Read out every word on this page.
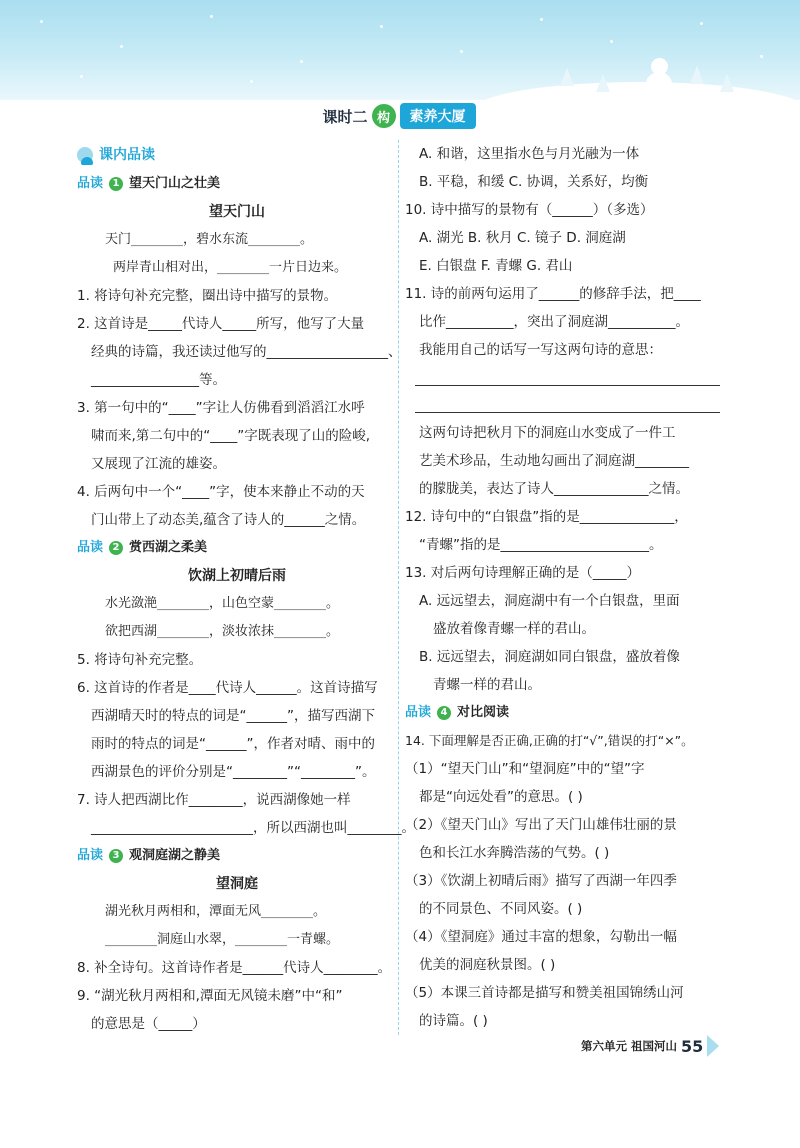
课时二 构	素养大厦
课内品读
品读 1 望天门山之壮美
望天门山
天门________，碧水东流________。
两岸青山相对出，________一片日边来。
1. 将诗句补充完整，圈出诗中描写的景物。
2. 这首诗是_____代诗人_____所写，他写了大量
经典的诗篇，我还读过他写的__________________、
________________等。
3. 第一句中的“____”字让人仿佛看到滔滔江水呼
啸而来,第二句中的“____”字既表现了山的险峻,
又展现了江流的雄姿。
4. 后两句中一个“____”字，使本来静止不动的天
门山带上了动态美,蕴含了诗人的______之情。
品读 2 赏西湖之柔美
饮湖上初晴后雨
水光潋滟________，山色空蒙________。
欲把西湖________，淡妆浓抹________。
5. 将诗句补充完整。
6. 这首诗的作者是____代诗人______。这首诗描写
西湖晴天时的特点的词是“______”，描写西湖下
雨时的特点的词是“______”，作者对晴、雨中的
西湖景色的评价分别是“________”“________”。
7. 诗人把西湖比作________，说西湖像她一样
________________________，所以西湖也叫________。
品读 3 观洞庭湖之静美
望洞庭
湖光秋月两相和，潭面无风________。
________洞庭山水翠，________一青螺。
8. 补全诗句。这首诗作者是______代诗人________。
9. “湖光秋月两相和,潭面无风镜未磨”中“和”
的意思是（_____）
A. 和谐，这里指水色与月光融为一体
B. 平稳，和缓 C. 协调，关系好，均衡
10. 诗中描写的景物有（______）（多选）
A. 湖光 B. 秋月 C. 镜子 D. 洞庭湖
E. 白银盘 F. 青螺 G. 君山
11. 诗的前两句运用了______的修辞手法，把____
比作__________，突出了洞庭湖__________。
我能用自己的话写一写这两句诗的意思：
这两句诗把秋月下的洞庭山水变成了一件工
艺美术珍品，生动地勾画出了洞庭湖________
的朦胧美，表达了诗人______________之情。
12. 诗句中的“白银盘”指的是______________，
“青螺”指的是______________________。
13. 对后两句诗理解正确的是（_____）
A. 远远望去，洞庭湖中有一个白银盘，里面
盛放着像青螺一样的君山。
B. 远远望去，洞庭湖如同白银盘，盛放着像
青螺一样的君山。
品读 4 对比阅读
14. 下面理解是否正确,正确的打“√”,错误的打“×”。
（1）“望天门山”和“望洞庭”中的“望”字
都是“向远处看”的意思。( )
（2）《望天门山》写出了天门山雄伟壮丽的景
色和长江水奔腾浩荡的气势。( )
（3）《饮湖上初晴后雨》描写了西湖一年四季
的不同景色、不同风姿。( )
（4）《望洞庭》通过丰富的想象，勾勒出一幅
优美的洞庭秋景图。( )
（5）本课三首诗都是描写和赞美祖国锦绣山河
的诗篇。( )
第六单元 祖国河山 55
